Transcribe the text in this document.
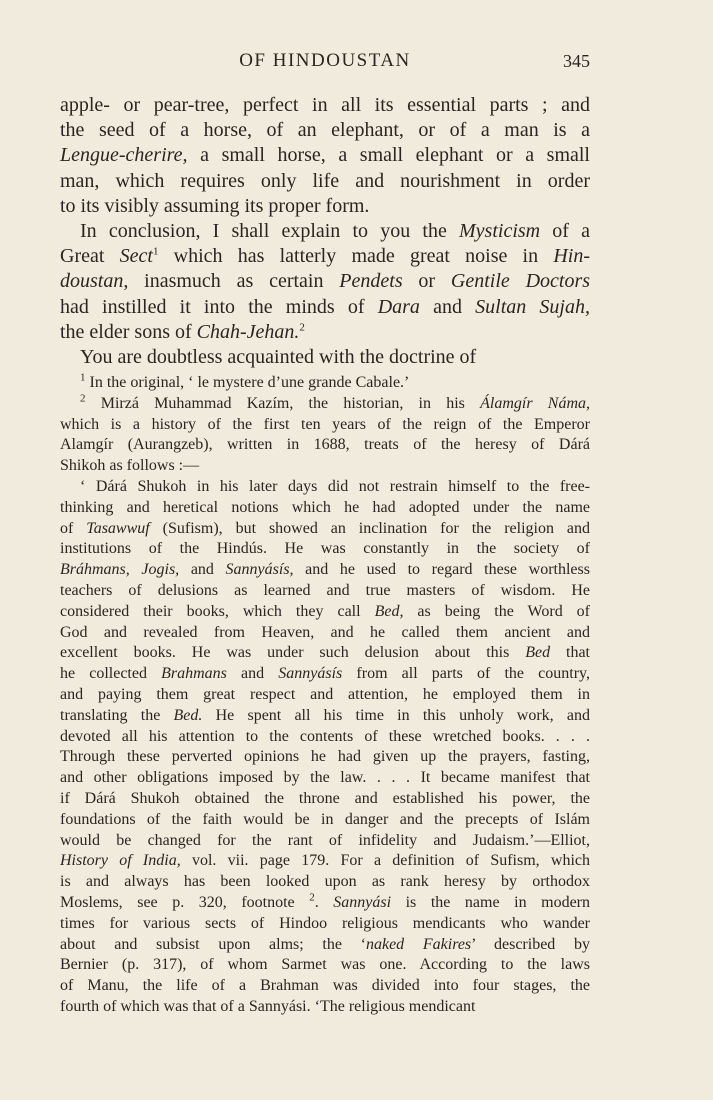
OF HINDOUSTAN	345
apple- or pear-tree, perfect in all its essential parts ; and
the seed of a horse, of an elephant, or of a man is a
Lengue-cherire, a small horse, a small elephant or a small
man, which requires only life and nourishment in order
to its visibly assuming its proper form.
In conclusion, I shall explain to you the Mysticism of a
Great Sect$^1$ which has latterly made great noise in Hin-
doustan, inasmuch as certain Pendets or Gentile Doctors
had instilled it into the minds of Dara and Sultan Sujah,
the elder sons of Chah-Jehan.$^2$
You are doubtless acquainted with the doctrine of
$^1$ In the original, ‘ le mystere d’une grande Cabale.’
$^2$ Mirzá Muhammad Kazím, the historian, in his Álamgír Náma,
which is a history of the first ten years of the reign of the Emperor
Alamgír (Aurangzeb), written in 1688, treats of the heresy of Dárá
Shikoh as follows :—
‘ Dárá Shukoh in his later days did not restrain himself to the free-
thinking and heretical notions which he had adopted under the name
of Tasawwuf (Sufism), but showed an inclination for the religion and
institutions of the Hindús. He was constantly in the society of
Bráhmans, Jogis, and Sannyásís, and he used to regard these worthless
teachers of delusions as learned and true masters of wisdom. He
considered their books, which they call Bed, as being the Word of
God and revealed from Heaven, and he called them ancient and
excellent books. He was under such delusion about this Bed that
he collected Brahmans and Sannyásís from all parts of the country,
and paying them great respect and attention, he employed them in
translating the Bed. He spent all his time in this unholy work, and
devoted all his attention to the contents of these wretched books. . . .
Through these perverted opinions he had given up the prayers, fasting,
and other obligations imposed by the law. . . . It became manifest that
if Dárá Shukoh obtained the throne and established his power, the
foundations of the faith would be in danger and the precepts of Islám
would be changed for the rant of infidelity and Judaism.’—Elliot,
History of India, vol. vii. page 179. For a definition of Sufism, which
is and always has been looked upon as rank heresy by orthodox
Moslems, see p. 320, footnote $^2$. Sannyási is the name in modern
times for various sects of Hindoo religious mendicants who wander
about and subsist upon alms; the ‘naked Fakires’ described by
Bernier (p. 317), of whom Sarmet was one. According to the laws
of Manu, the life of a Brahman was divided into four stages, the
fourth of which was that of a Sannyási. ‘The religious mendicant
